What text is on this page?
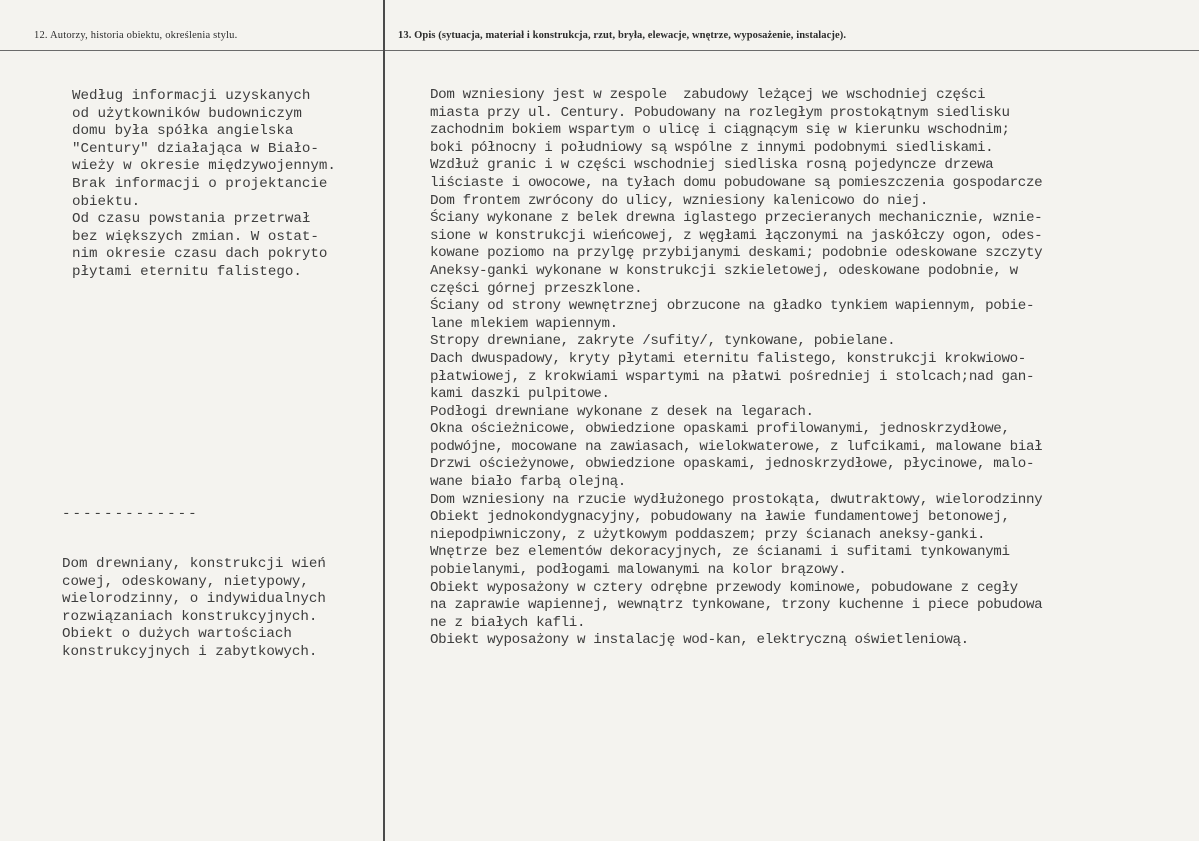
12. Autorzy, historia obiektu, określenia stylu.	13. Opis (sytuacja, materiał i konstrukcja, rzut, bryła, elewacje, wnętrze, wyposażenie, instalacje).
Według informacji uzyskanych
od użytkowników budowniczym
domu była spółka angielska
"Century" działająca w Biało-
wieży w okresie międzywojennym.
Brak informacji o projektancie
obiektu.
Od czasu powstania przetrwał
bez większych zmian. W ostat-
nim okresie czasu dach pokryto
płytami eternitu falistego.
-------------
Dom drewniany, konstrukcji wień
cowej, odeskowany, nietypowy,
wielorodzinny, o indywidualnych
rozwiązaniach konstrukcyjnych.
Obiekt o dużych wartościach
konstrukcyjnych i zabytkowych.
Dom wzniesiony jest w zespole  zabudowy leżącej we wschodniej części
miasta przy ul. Century. Pobudowany na rozległym prostokątnym siedlisku
zachodnim bokiem wspartym o ulicę i ciągnącym się w kierunku wschodnim;
boki północny i południowy są wspólne z innymi podobnymi siedliskami.
Wzdłuż granic i w części wschodniej siedliska rosną pojedyncze drzewa
liściaste i owocowe, na tyłach domu pobudowane są pomieszczenia gospodarcze
Dom frontem zwrócony do ulicy, wzniesiony kalenicowo do niej.
Ściany wykonane z belek drewna iglastego przecieranych mechanicznie, wznie-
sione w konstrukcji wieńcowej, z węgłami łączonymi na jaskółczy ogon, odes-
kowane poziomo na przylgę przybijanymi deskami; podobnie odeskowane szczyty
Aneksy-ganki wykonane w konstrukcji szkieletowej, odeskowane podobnie, w
części górnej przeszklone.
Ściany od strony wewnętrznej obrzucone na gładko tynkiem wapiennym, pobie-
lane mlekiem wapiennym.
Stropy drewniane, zakryte /sufity/, tynkowane, pobielane.
Dach dwuspadowy, kryty płytami eternitu falistego, konstrukcji krokwiowo-
płatwiowej, z krokwiami wspartymi na płatwi pośredniej i stolcach;nad gan-
kami daszki pulpitowe.
Podłogi drewniane wykonane z desek na legarach.
Okna ościeżnicowe, obwiedzione opaskami profilowanymi, jednoskrzydłowe,
podwójne, mocowane na zawiasach, wielokwaterowe, z lufcikami, malowane biał
Drzwi ościeżynowe, obwiedzione opaskami, jednoskrzydłowe, płycinowe, malo-
wane biało farbą olejną.
Dom wzniesiony na rzucie wydłużonego prostokąta, dwutraktowy, wielorodzinny
Obiekt jednokondygnacyjny, pobudowany na ławie fundamentowej betonowej,
niepodpiwniczony, z użytkowym poddaszem; przy ścianach aneksy-ganki.
Wnętrze bez elementów dekoracyjnych, ze ścianami i sufitami tynkowanymi
pobielanymi, podłogami malowanymi na kolor brązowy.
Obiekt wyposażony w cztery odrębne przewody kominowe, pobudowane z cegły
na zaprawie wapiennej, wewnątrz tynkowane, trzony kuchenne i piece pobudowa
ne z białych kafli.
Obiekt wyposażony w instalację wod-kan, elektryczną oświetleniową.
